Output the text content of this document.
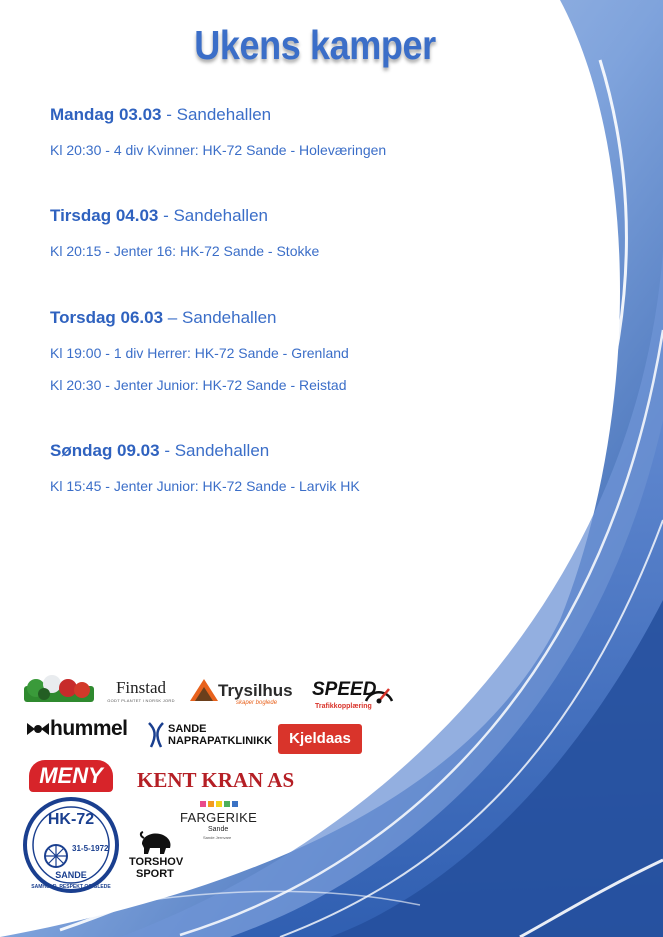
Ukens kamper
Mandag 03.03 - Sandehallen
Kl 20:30 - 4 div Kvinner: HK-72 Sande - Holeværingen
Tirsdag 04.03 - Sandehallen
Kl 20:15 - Jenter 16: HK-72 Sande - Stokke
Torsdag 06.03 – Sandehallen
Kl 19:00 - 1 div Herrer: HK-72 Sande - Grenland
Kl 20:30 - Jenter Junior: HK-72 Sande - Reistad
Søndag 09.03 - Sandehallen
Kl 15:45 - Jenter Junior: HK-72 Sande - Larvik HK
Finstad
GODT PLANTET I NORSK JORD
Trysilhus
skaper boglede
SPEED
Trafikkopplæring
hummel	SANDE
NAPRAPATKLINIKK	Kjeldaas
MENY	KENT KRAN AS
FARGERIKE
Sande
Sande Jernvare
TORSHOV
SPORT
HK-72
31-5-1972
SANDE
SAMHOLD, RESPEKT OG GLEDE
